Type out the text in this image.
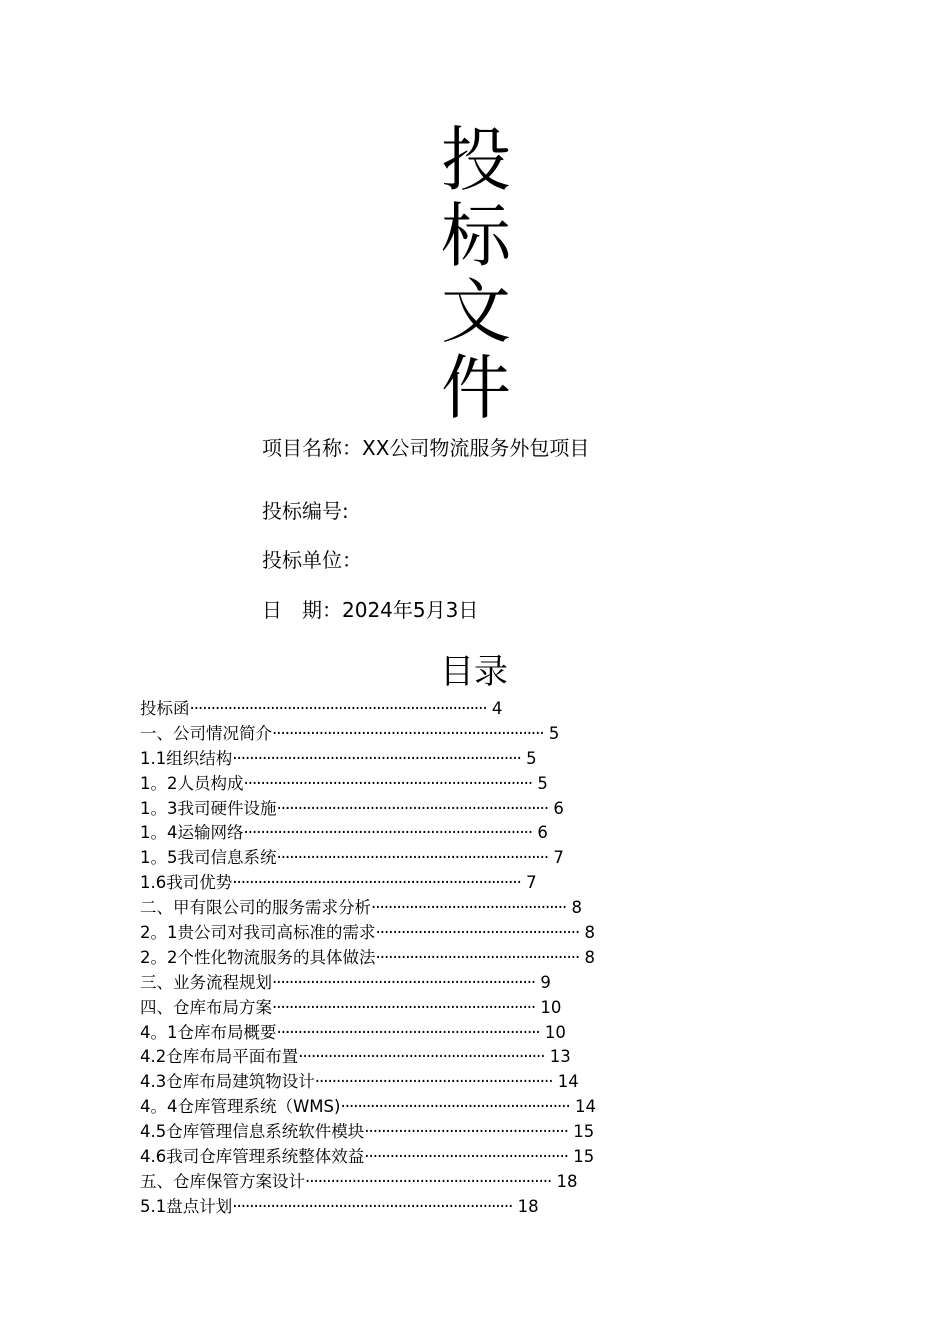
投
标
文
件
项目名称：XX公司物流服务外包项目
投标编号:
投标单位：
日　期：2024年5月3日
目录
投标函······································································ 4
一、公司情况简介································································ 5
1.1组织结构···································································· 5
1。2人员构成···································································· 5
1。3我司硬件设施································································ 6
1。4运输网络···································································· 6
1。5我司信息系统································································ 7
1.6我司优势···································································· 7
二、甲有限公司的服务需求分析·············································· 8
2。1贵公司对我司高标准的需求················································ 8
2。2个性化物流服务的具体做法················································ 8
三、业务流程规划······························································ 9
四、仓库布局方案······························································ 10
4。1仓库布局概要······························································ 10
4.2仓库布局平面布置·························································· 13
4.3仓库布局建筑物设计························································ 14
4。4仓库管理系统（WMS)······················································ 14
4.5仓库管理信息系统软件模块················································ 15
4.6我司仓库管理系统整体效益················································ 15
五、仓库保管方案设计·························································· 18
5.1盘点计划·································································· 18
